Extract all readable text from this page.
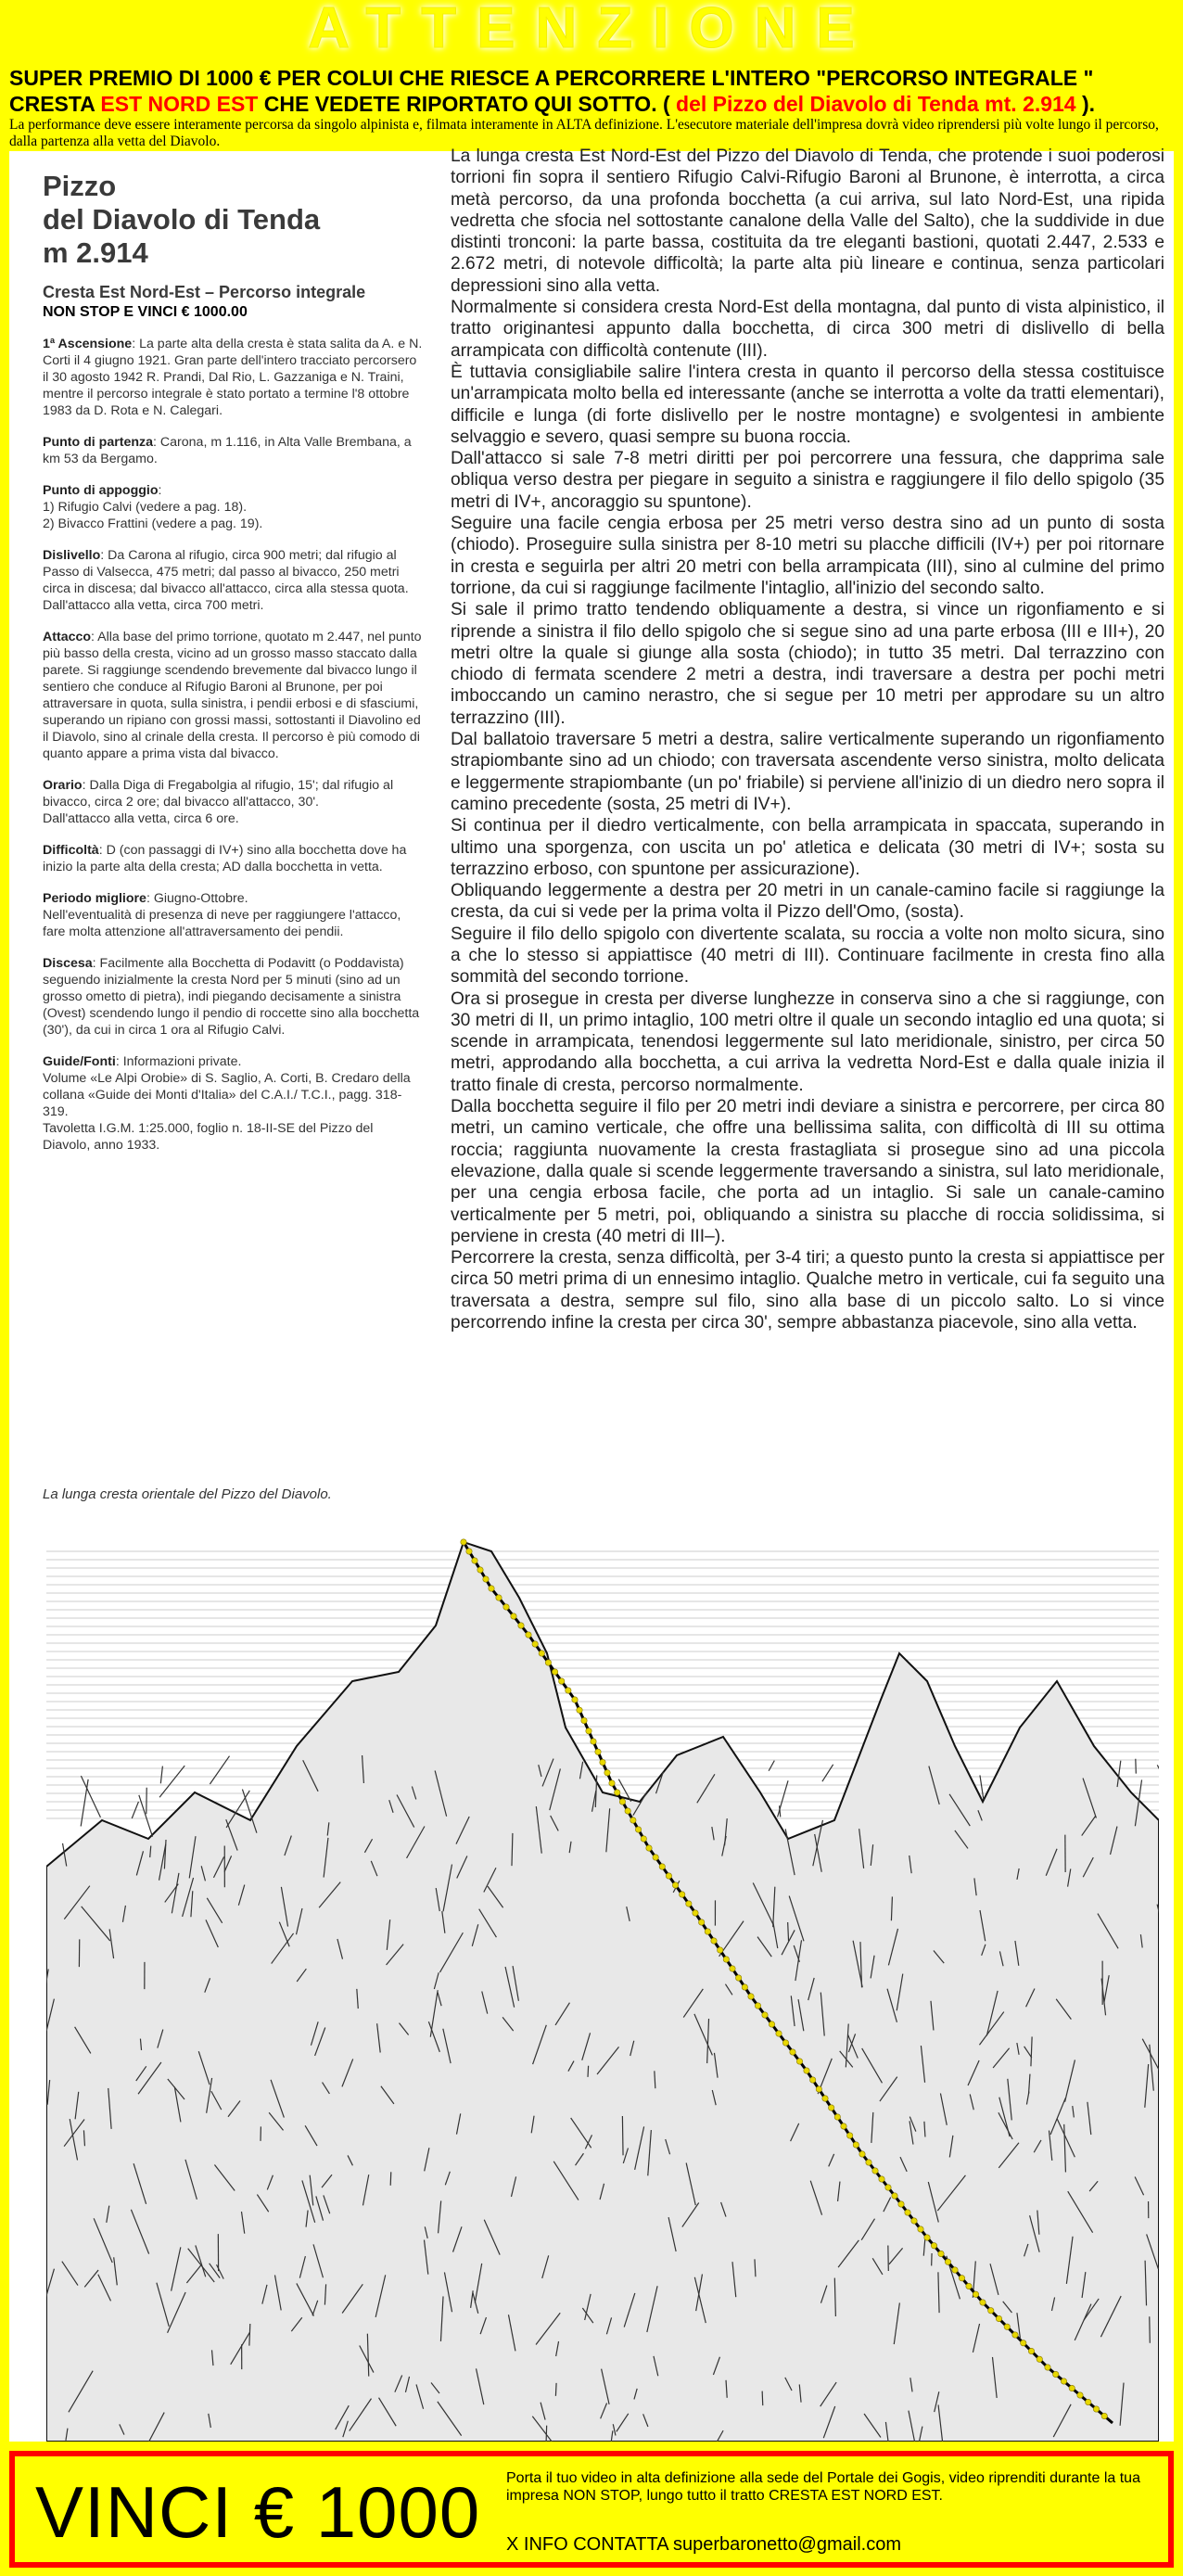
ATTENZIONE
SUPER PREMIO DI 1000 € PER COLUI CHE RIESCE A PERCORRERE L'INTERO "PERCORSO INTEGRALE "
CRESTA EST NORD EST CHE VEDETE RIPORTATO QUI SOTTO. ( del Pizzo del Diavolo di Tenda mt. 2.914 ).
La performance deve essere interamente percorsa da singolo alpinista e, filmata interamente in ALTA definizione. L'esecutore materiale dell'impresa dovrà video riprendersi più volte lungo il percorso, dalla partenza alla vetta del Diavolo.
Pizzo
del Diavolo di Tenda
m 2.914
Cresta Est Nord-Est – Percorso integrale
NON STOP E VINCI € 1000.00

1ª Ascensione: La parte alta della cresta è stata salita da A. e N. Corti il 4 giugno 1921. Gran parte dell'intero tracciato percorsero il 30 agosto 1942 R. Prandi, Dal Rio, L. Gazzaniga e N. Traini, mentre il percorso integrale è stato portato a termine l'8 ottobre 1983 da D. Rota e N. Calegari.

Punto di partenza: Carona, m 1.116, in Alta Valle Brembana, a km 53 da Bergamo.

Punto di appoggio:

1) Rifugio Calvi (vedere a pag. 18).

2) Bivacco Frattini (vedere a pag. 19).

Dislivello: Da Carona al rifugio, circa 900 metri; dal rifugio al Passo di Valsecca, 475 metri; dal passo al bivacco, 250 metri circa in discesa; dal bivacco all'attacco, circa alla stessa quota.

Dall'attacco alla vetta, circa 700 metri.

Attacco: Alla base del primo torrione, quotato m 2.447, nel punto più basso della cresta, vicino ad un grosso masso staccato dalla parete. Si raggiunge scendendo brevemente dal bivacco lungo il sentiero che conduce al Rifugio Baroni al Brunone, per poi attraversare in quota, sulla sinistra, i pendii erbosi e di sfasciumi, superando un ripiano con grossi massi, sottostanti il Diavolino ed il Diavolo, sino al crinale della cresta. Il percorso è più comodo di quanto appare a prima vista dal bivacco.

Orario: Dalla Diga di Fregabolgia al rifugio, 15'; dal rifugio al bivacco, circa 2 ore; dal bivacco all'attacco, 30'.

Dall'attacco alla vetta, circa 6 ore.

Difficoltà: D (con passaggi di IV+) sino alla bocchetta dove ha inizio la parte alta della cresta; AD dalla bocchetta in vetta.

Periodo migliore: Giugno-Ottobre.

Nell'eventualità di presenza di neve per raggiungere l'attacco, fare molta attenzione all'attraversamento dei pendii.

Discesa: Facilmente alla Bocchetta di Podavitt (o Poddavista) seguendo inizialmente la cresta Nord per 5 minuti (sino ad un grosso ometto di pietra), indi piegando decisamente a sinistra (Ovest) scendendo lungo il pendio di roccette sino alla bocchetta (30'), da cui in circa 1 ora al Rifugio Calvi.

Guide/Fonti: Informazioni private.

Volume «Le Alpi Orobie» di S. Saglio, A. Corti, B. Credaro della collana «Guide dei Monti d'Italia» del C.A.I./ T.C.I., pagg. 318-319.

Tavoletta I.G.M. 1:25.000, foglio n. 18-II-SE del Pizzo del Diavolo, anno 1933.

La lunga cresta orientale del Pizzo del Diavolo.

La lunga cresta Est Nord-Est del Pizzo del Diavolo di Tenda, che protende i suoi poderosi torrioni fin sopra il sentiero Rifugio Calvi-Rifugio Baroni al Brunone, è interrotta, a circa metà percorso, da una profonda bocchetta (a cui arriva, sul lato Nord-Est, una ripida vedretta che sfocia nel sottostante canalone della Valle del Salto), che la suddivide in due distinti tronconi: la parte bassa, costituita da tre eleganti bastioni, quotati 2.447, 2.533 e 2.672 metri, di notevole difficoltà; la parte alta più lineare e continua, senza particolari depressioni sino alla vetta.

Normalmente si considera cresta Nord-Est della montagna, dal punto di vista alpinistico, il tratto originantesi appunto dalla bocchetta, di circa 300 metri di dislivello di bella arrampicata con difficoltà contenute (III).

È tuttavia consigliabile salire l'intera cresta in quanto il percorso della stessa costituisce un'arrampicata molto bella ed interessante (anche se interrotta a volte da tratti elementari), difficile e lunga (di forte dislivello per le nostre montagne) e svolgentesi in ambiente selvaggio e severo, quasi sempre su buona roccia.

Dall'attacco si sale 7-8 metri diritti per poi percorrere una fessura, che dapprima sale obliqua verso destra per piegare in seguito a sinistra e raggiungere il filo dello spigolo (35 metri di IV+, ancoraggio su spuntone).

Seguire una facile cengia erbosa per 25 metri verso destra sino ad un punto di sosta (chiodo). Proseguire sulla sinistra per 8-10 metri su placche difficili (IV+) per poi ritornare in cresta e seguirla per altri 20 metri con bella arrampicata (III), sino al culmine del primo torrione, da cui si raggiunge facilmente l'intaglio, all'inizio del secondo salto.

Si sale il primo tratto tendendo obliquamente a destra, si vince un rigonfiamento e si riprende a sinistra il filo dello spigolo che si segue sino ad una parte erbosa (III e III+), 20 metri oltre la quale si giunge alla sosta (chiodo); in tutto 35 metri. Dal terrazzino con chiodo di fermata scendere 2 metri a destra, indi traversare a destra per pochi metri imboccando un camino nerastro, che si segue per 10 metri per approdare su un altro terrazzino (III).

Dal ballatoio traversare 5 metri a destra, salire verticalmente superando un rigonfiamento strapiombante sino ad un chiodo; con traversata ascendente verso sinistra, molto delicata e leggermente strapiombante (un po' friabile) si perviene all'inizio di un diedro nero sopra il camino precedente (sosta, 25 metri di IV+).

Si continua per il diedro verticalmente, con bella arrampicata in spaccata, superando in ultimo una sporgenza, con uscita un po' atletica e delicata (30 metri di IV+; sosta su terrazzino erboso, con spuntone per assicurazione).

Obliquando leggermente a destra per 20 metri in un canale-camino facile si raggiunge la cresta, da cui si vede per la prima volta il Pizzo dell'Omo, (sosta).

Seguire il filo dello spigolo con divertente scalata, su roccia a volte non molto sicura, sino a che lo stesso si appiattisce (40 metri di III). Continuare facilmente in cresta fino alla sommità del secondo torrione.

Ora si prosegue in cresta per diverse lunghezze in conserva sino a che si raggiunge, con 30 metri di II, un primo intaglio, 100 metri oltre il quale un secondo intaglio ed una quota; si scende in arrampicata, tenendosi leggermente sul lato meridionale, sinistro, per circa 50 metri, approdando alla bocchetta, a cui arriva la vedretta Nord-Est e dalla quale inizia il tratto finale di cresta, percorso normalmente.

Dalla bocchetta seguire il filo per 20 metri indi deviare a sinistra e percorrere, per circa 80 metri, un camino verticale, che offre una bellissima salita, con difficoltà di III su ottima roccia; raggiunta nuovamente la cresta frastagliata si prosegue sino ad una piccola elevazione, dalla quale si scende leggermente traversando a sinistra, sul lato meridionale, per una cengia erbosa facile, che porta ad un intaglio. Si sale un canale-camino verticalmente per 5 metri, poi, obliquando a sinistra su placche di roccia solidissima, si perviene in cresta (40 metri di III–).

Percorrere la cresta, senza difficoltà, per 3-4 tiri; a questo punto la cresta si appiattisce per circa 50 metri prima di un ennesimo intaglio. Qualche metro in verticale, cui fa seguito una traversata a destra, sempre sul filo, sino alla base di un piccolo salto. Lo si vince percorrendo infine la cresta per circa 30', sempre abbastanza piacevole, sino alla vetta.

VINCI € 1000 Porta il tuo video in alta definizione alla sede del Portale dei Gogis, video riprenditi durante la tua impresa NON STOP, lungo tutto il tratto CRESTA EST NORD EST.
X INFO CONTATTA superbaronetto@gmail.com
